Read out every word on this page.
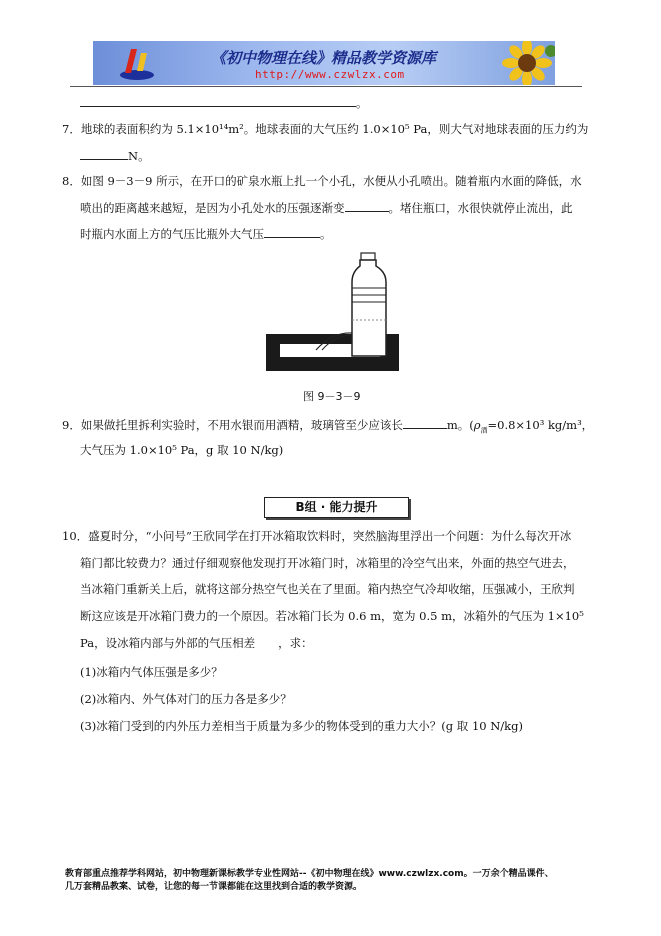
《初中物理在线》精品教学资源库
http://www.czwlzx.com
。
7．地球的表面积约为 5.1×10¹⁴m²。地球表面的大气压约 1.0×10⁵ Pa，则大气对地球表面的压力约为
N。
8．如图 9－3－9 所示，在开口的矿泉水瓶上扎一个小孔，水便从小孔喷出。随着瓶内水面的降低，水
喷出的距离越来越短，是因为小孔处水的压强逐渐变	。堵住瓶口，水很快就停止流出，此
时瓶内水面上方的气压比瓶外大气压	。
图 9－3－9
9．如果做托里拆利实验时，不用水银而用酒精，玻璃管至少应该长	m。($\rho_酒=0.8\times 10^3$ kg/m³，
大气压为 1.0×10⁵ Pa，g 取 10 N/kg)
B组 · 能力提升
10．盛夏时分，“小问号”王欣同学在打开冰箱取饮料时，突然脑海里浮出一个问题：为什么每次开冰
箱门都比较费力？通过仔细观察他发现打开冰箱门时，冰箱里的冷空气出来，外面的热空气进去，
当冰箱门重新关上后，就将这部分热空气也关在了里面。箱内热空气冷却收缩，压强减小，王欣判
断这应该是开冰箱门费力的一个原因。若冰箱门长为 0.6 m，宽为 0.5 m，冰箱外的气压为 1×10⁵
Pa，设冰箱内部与外部的气压相差　　，求：
(1)冰箱内气体压强是多少？
(2)冰箱内、外气体对门的压力各是多少？
(3)冰箱门受到的内外压力差相当于质量为多少的物体受到的重力大小？(g 取 10 N/kg)
教育部重点推荐学科网站，初中物理新课标教学专业性网站--《初中物理在线》www.czwlzx.com。一万余个精品课件、
几万套精品教案、试卷，让您的每一节课都能在这里找到合适的教学资源。
